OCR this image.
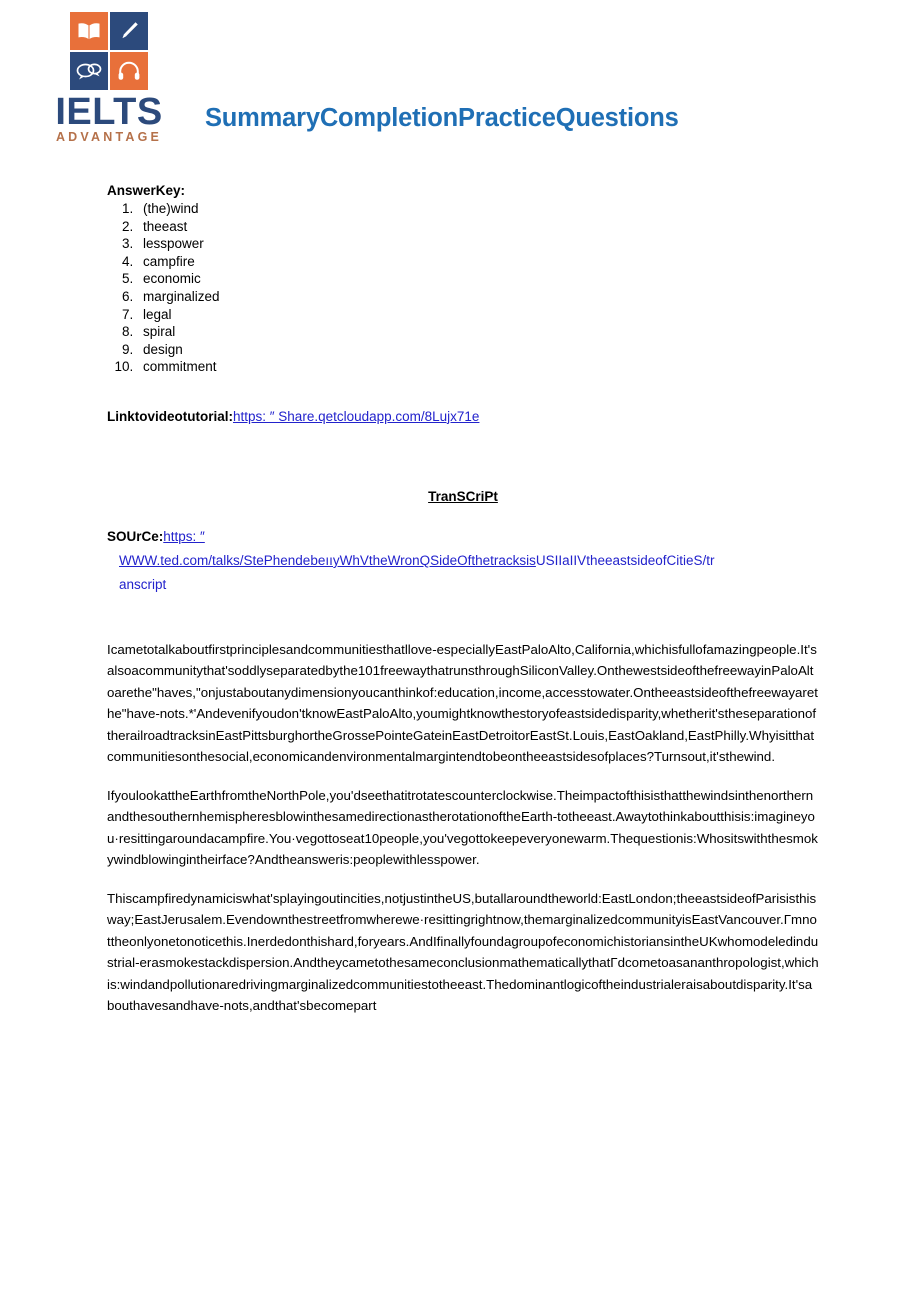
IELTS
ADVANTAGE
SummaryCompletionPracticeQuestions
AnswerKey:
1. (the)wind
2. theeast
3. lesspower
4. campfire
5. economic
6. marginalized
7. legal
8. spiral
9. design
10. commitment
Linktovideotutorial:https: ″ Share.qetcloudapp.com/8Lujx71e
TranSCriPt
SOUrCe:https: ″
WWW.ted.com/talks/StePhendebeııyWhVtheWronQSideOfthetracksisUSIIaIIVtheeastsideofCitieS/tr
anscript

Icametotalkaboutfirstprinciplesandcommunitiesthatllove-especiallyEastPaloAlto,California,whichisfullofamazingpeople.It'salsoacommunitythat'soddlyseparatedbythe101freewaythatrunsthroughSiliconValley.OnthewestsideofthefreewayinPaloAltoarethe"haves,"onjustaboutanydimensionyoucanthinkof:education,income,accesstowater.Ontheeastsideofthefreewayarethe"have-nots.*'Andevenifyoudon'tknowEastPaloAlto,youmightknowthestoryofeastsidedisparity,whetherit'stheseparationoftherailroadtracksinEastPittsburghortheGrossePointeGateinEastDetroitorEastSt.Louis,EastOakland,EastPhilly.Whyisitthatcommunitiesonthesocial,economicandenvironmentalmargintendtobeontheeastsidesofplaces?Turnsout,it'sthewind.

IfyoulookattheEarthfromtheNorthPole,you'dseethatitrotatescounterclockwise.TheimpactofthisisthatthewindsinthenorthernandthesouthernhemispheresblowinthesamedirectionastherotationoftheEarth-totheeast.Awaytothinkaboutthisis:imagineyou·resittingaroundacampfire.You·vegottoseat10people,you'vegottokeepeveryonewarm.Thequestionis:Whositswiththesmokywindblowingintheirface?Andtheansweris:peoplewithlesspower.

Thiscampfiredynamiciswhat'splayingoutincities,notjustintheUS,butallaroundtheworld:EastLondon;theeastsideofParisisthisway;EastJerusalem.Evendownthestreetfromwherewe·resittingrightnow,themarginalizedcommunityisEastVancouver.Γmnottheonlyonetonoticethis.Inerdedonthishard,foryears.AndIfinallyfoundagroupofeconomichistoriansintheUKwhomodeledindustrial-erasmokestackdispersion.AndtheycametothesameconclusionmathematicallythatΓdcometoasananthropologist,whichis:windandpollutionaredrivingmarginalizedcommunitiestotheeast.Thedominantlogicoftheindustrialeraisaboutdisparity.It'sabouthavesandhave-nots,andthat'sbecomepart
